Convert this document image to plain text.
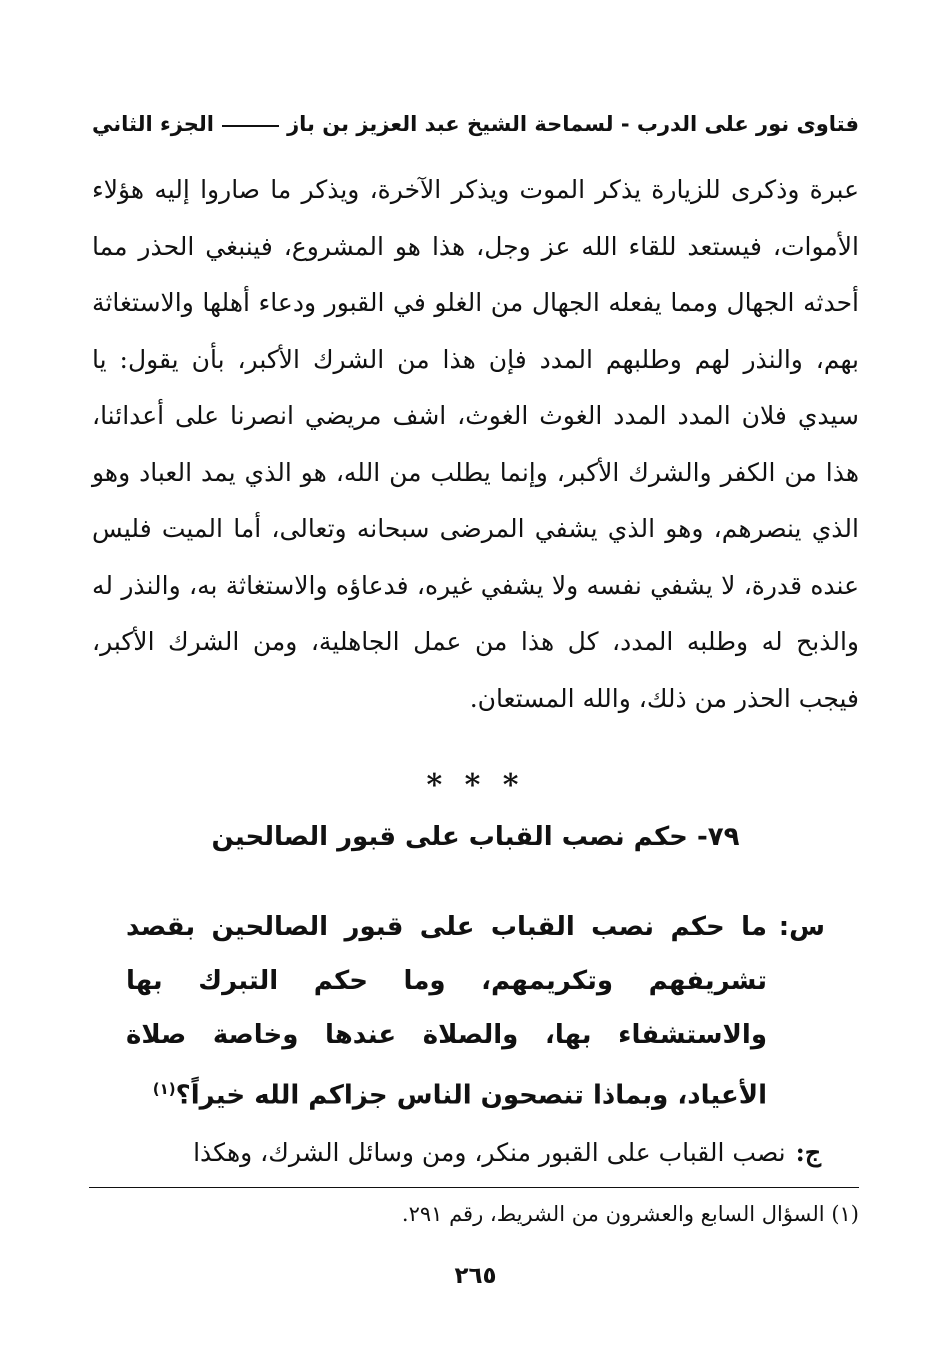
فتاوى نور على الدرب - لسماحة الشيخ عبد العزيز بن باز
الجزء الثاني

عبرة وذكرى للزيارة يذكر الموت ويذكر الآخرة، ويذكر ما صاروا إليه هؤلاء الأموات، فيستعد للقاء الله عز وجل، هذا هو المشروع، فينبغي الحذر مما أحدثه الجهال ومما يفعله الجهال من الغلو في القبور ودعاء أهلها والاستغاثة بهم، والنذر لهم وطلبهم المدد فإن هذا من الشرك الأكبر، بأن يقول: يا سيدي فلان المدد المدد الغوث الغوث، اشف مريضي انصرنا على أعدائنا، هذا من الكفر والشرك الأكبر، وإنما يطلب من الله، هو الذي يمد العباد وهو الذي ينصرهم، وهو الذي يشفي المرضى سبحانه وتعالى، أما الميت فليس عنده قدرة، لا يشفي نفسه ولا يشفي غيره، فدعاؤه والاستغاثة به، والنذر له والذبح له وطلبه المدد، كل هذا من عمل الجاهلية، ومن الشرك الأكبر، فيجب الحذر من ذلك، والله المستعان.

* * *
٧٩- حكم نصب القباب على قبور الصالحين
س:
ما حكم نصب القباب على قبور الصالحين بقصد تشريفهم وتكريمهم، وما حكم التبرك بها والاستشفاء بها، والصلاة عندها وخاصة صلاة الأعياد، وبماذا تنصحون الناس جزاكم الله خيراً؟$^{(١)}$
ج:نصب القباب على القبور منكر، ومن وسائل الشرك، وهكذا
(١) السؤال السابع والعشرون من الشريط، رقم ٢٩١.
٢٦٥
